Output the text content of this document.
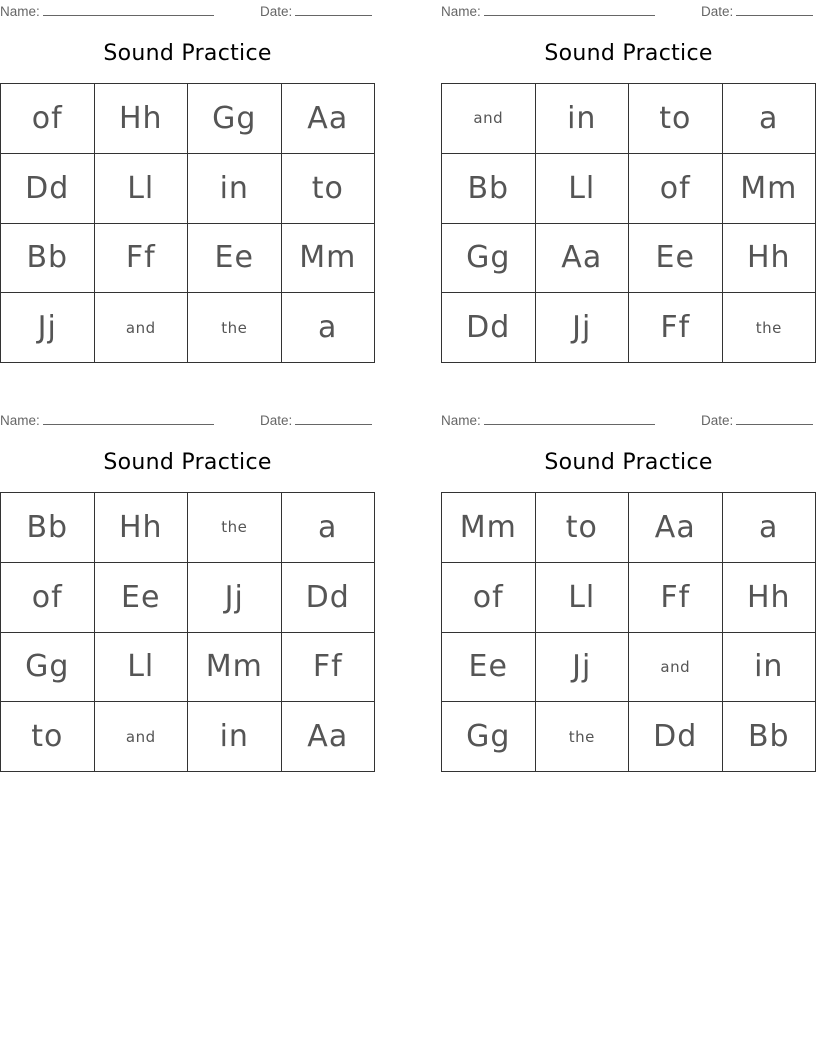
Name:	Date:
Sound Practice
of	Hh	Gg	Aa
Dd	Ll	in	to
Bb	Ff	Ee	Mm
Jj	and	the	a
Name:	Date:
Sound Practice
and	in	to	a
Bb	Ll	of	Mm
Gg	Aa	Ee	Hh
Dd	Jj	Ff	the
Name:	Date:
Sound Practice
Bb	Hh	the	a
of	Ee	Jj	Dd
Gg	Ll	Mm	Ff
to	and	in	Aa
Name:	Date:
Sound Practice
Mm	to	Aa	a
of	Ll	Ff	Hh
Ee	Jj	and	in
Gg	the	Dd	Bb
